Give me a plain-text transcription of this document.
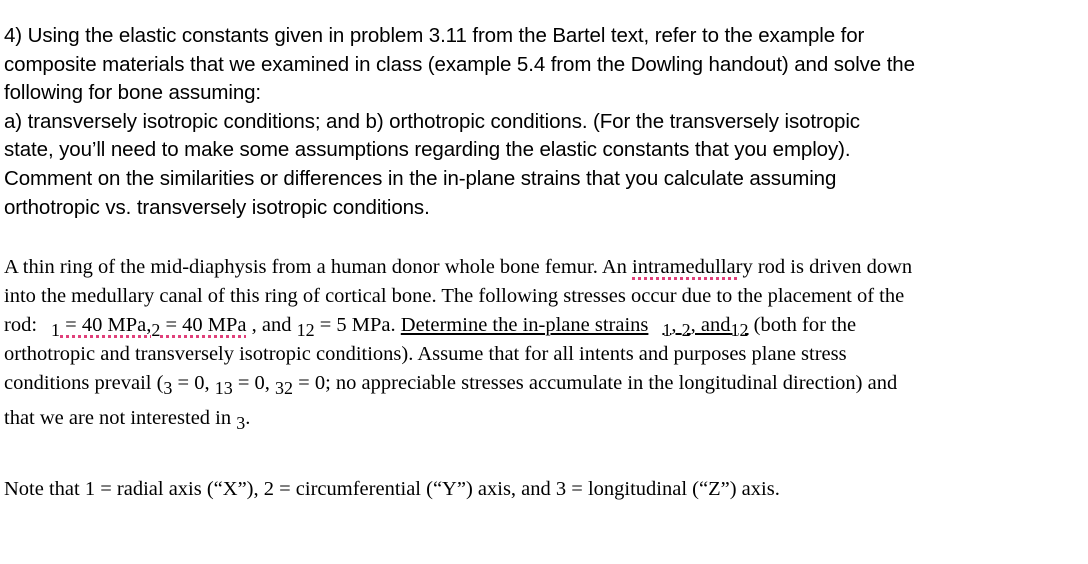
4) Using the elastic constants given in problem 3.11 from the Bartel text, refer to the example for
composite materials that we examined in class (example 5.4 from the Dowling handout) and solve the
following for bone assuming:
a) transversely isotropic conditions; and b) orthotropic conditions. (For the transversely isotropic
state, you’ll need to make some assumptions regarding the elastic constants that you employ).
Comment on the similarities or differences in the in-plane strains that you calculate assuming
orthotropic vs. transversely isotropic conditions.
A thin ring of the mid-diaphysis from a human donor whole bone femur. An intramedullary rod is driven down
into the medullary canal of this ring of cortical bone. The following stresses occur due to the placement of the
rod: 1 = 40 MPa,2 = 40 MPa , and 12 = 5 MPa. Determine the in-plane strains 1, 2, and12 (both for the
orthotropic and transversely isotropic conditions). Assume that for all intents and purposes plane stress
conditions prevail (3 = 0, 13 = 0, 32 = 0; no appreciable stresses accumulate in the longitudinal direction) and
that we are not interested in 3.
Note that 1 = radial axis (“X”), 2 = circumferential (“Y”) axis, and 3 = longitudinal (“Z”) axis.
